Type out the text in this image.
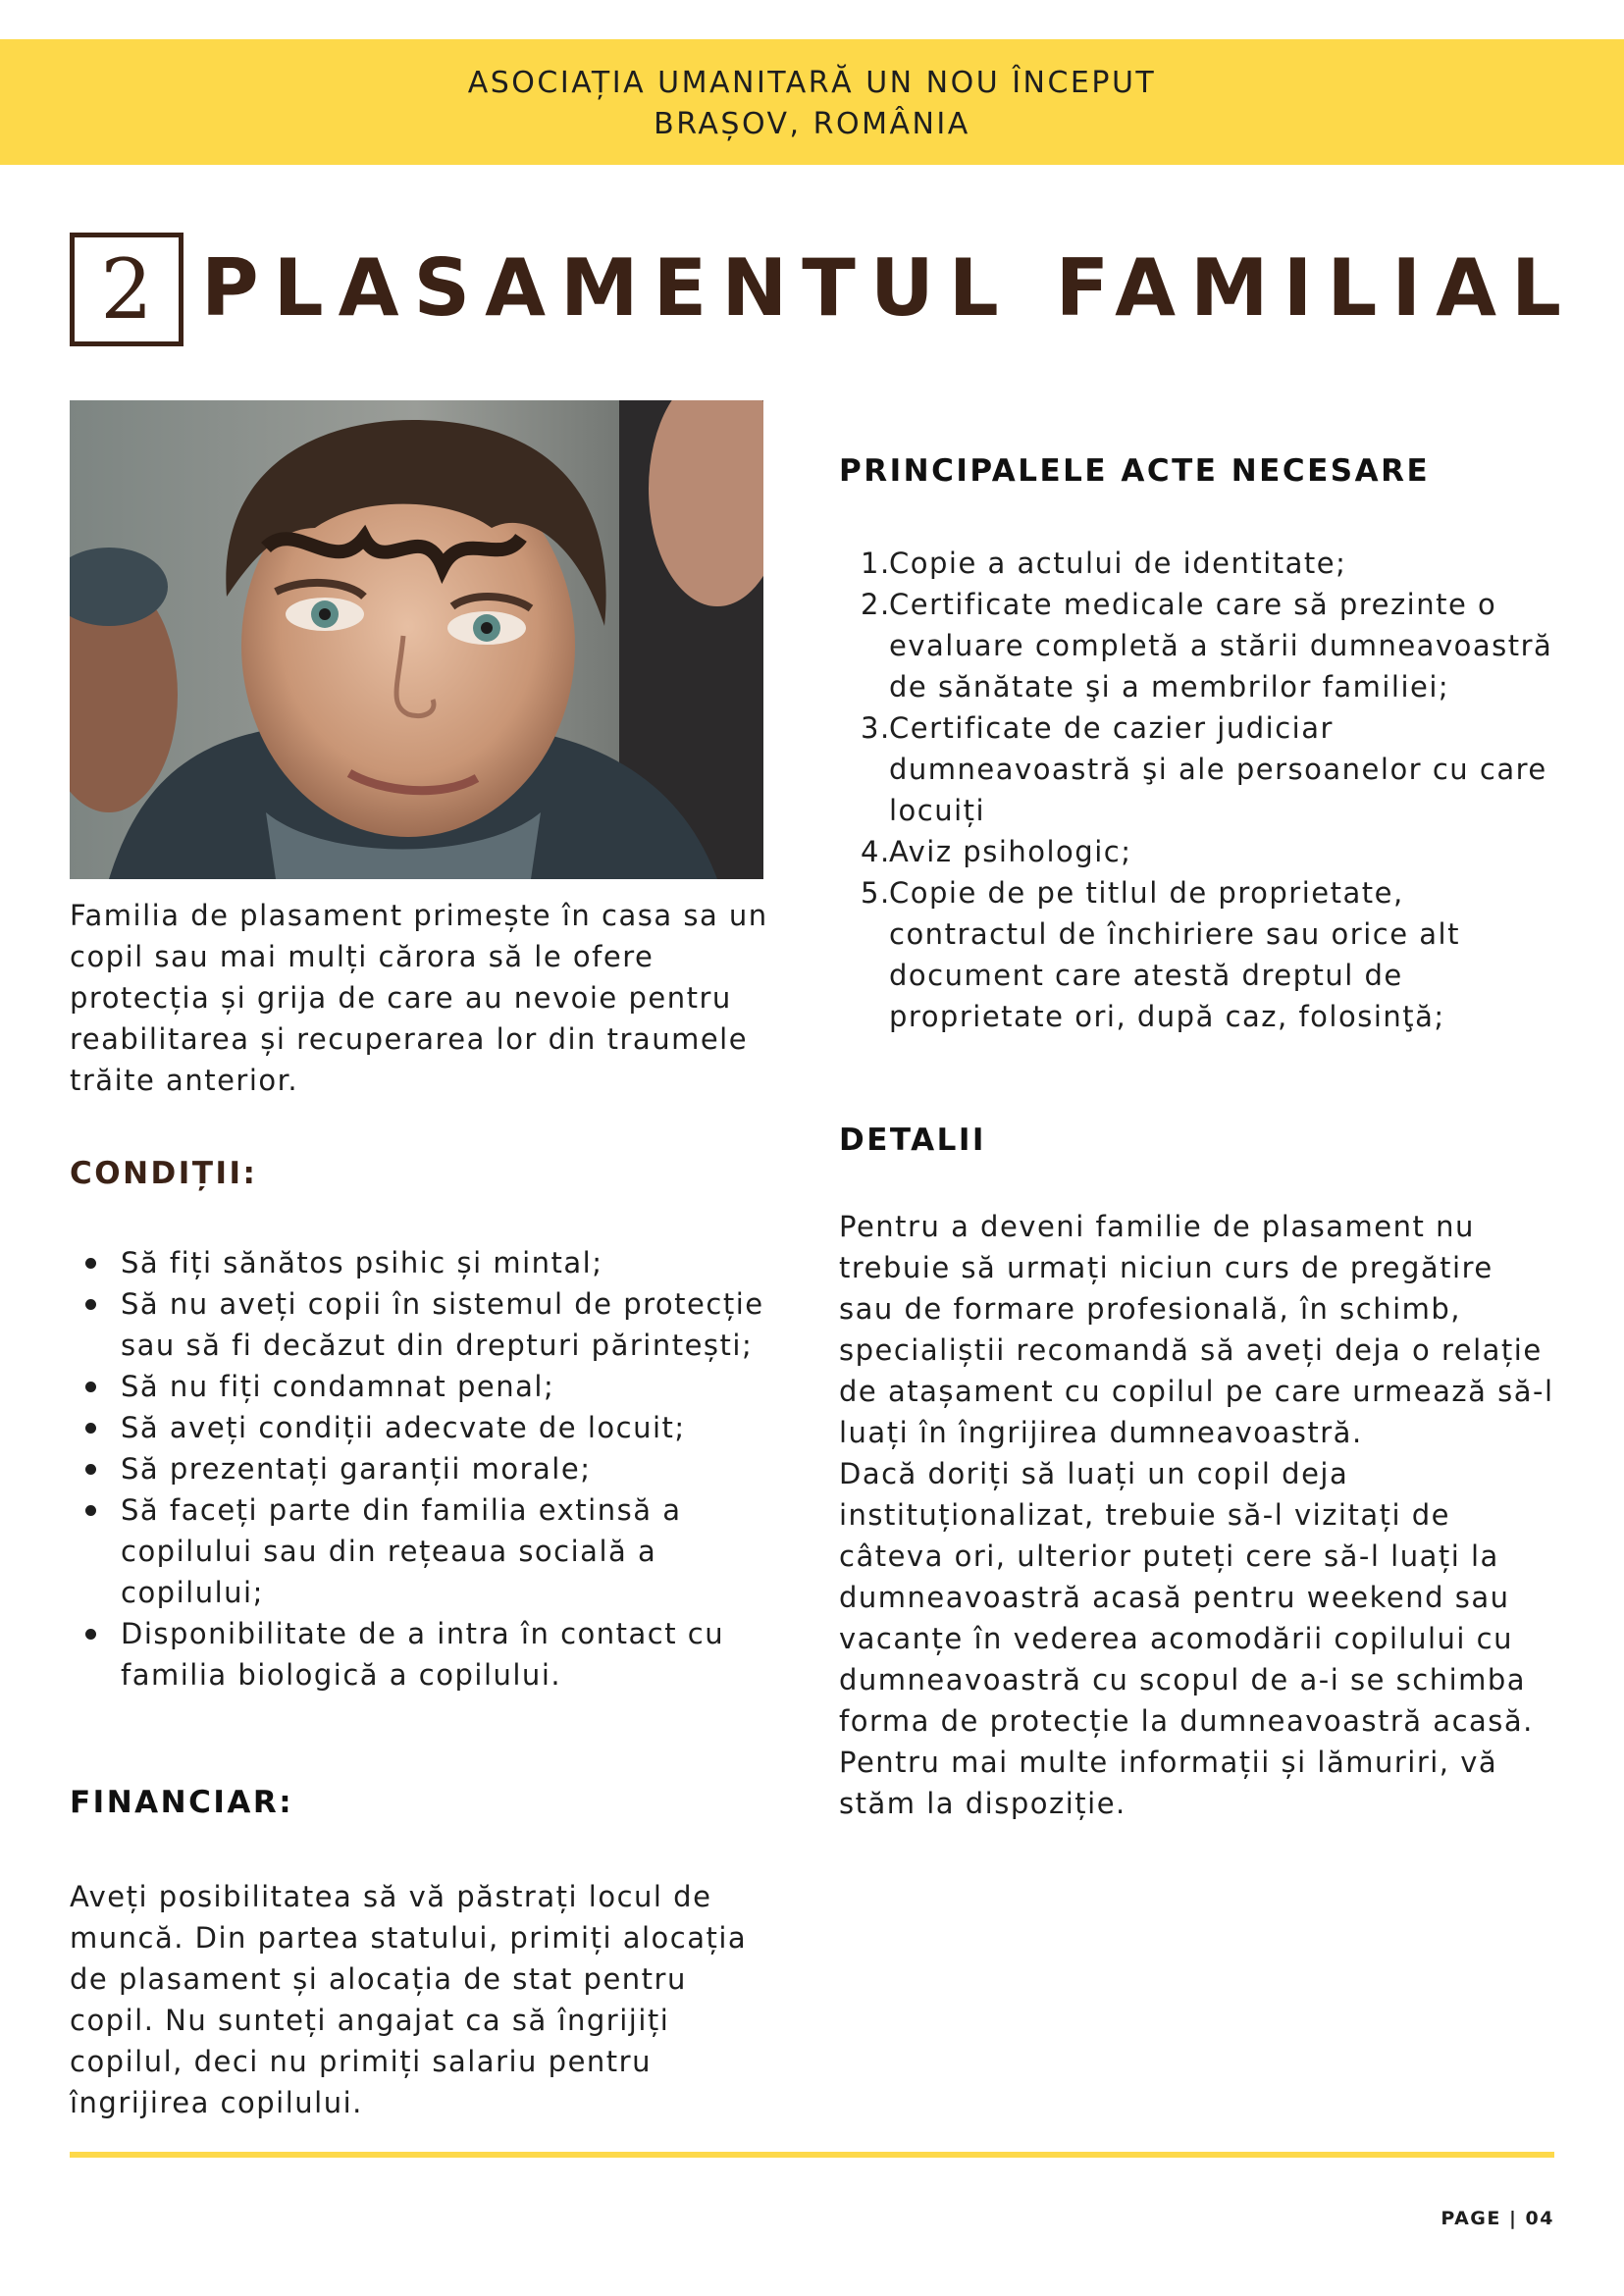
ASOCIAȚIA UMANITARĂ UN NOU ÎNCEPUT
BRAȘOV, ROMÂNIA
2 PLASAMENTUL FAMILIAL

Familia de plasament primește în casa sa un copil sau mai mulți cărora să le ofere protecția și grija de care au nevoie pentru reabilitarea și recuperarea lor din traumele trăite anterior.

CONDIȚII:
Să fiți sănătos psihic și mintal;
Să nu aveți copii în sistemul de protecție sau să fi decăzut din drepturi părintești;
Să nu fiți condamnat penal;
Să aveți condiții adecvate de locuit;
Să prezentați garanții morale;
Să faceți parte din familia extinsă a copilului sau din rețeaua socială a copilului;
Disponibilitate de a intra în contact cu familia biologică a copilului.
FINANCIAR:

Aveți posibilitatea să vă păstrați locul de muncă. Din partea statului, primiți alocația de plasament și alocația de stat pentru copil. Nu sunteți angajat ca să îngrijiți copilul, deci nu primiți salariu pentru îngrijirea copilului.

PRINCIPALELE ACTE NECESARE
1.
Copie a actului de identitate;
2.
Certificate medicale care să prezinte o evaluare completă a stării dumneavoastră de sănătate şi a membrilor familiei;
3.
Certificate de cazier judiciar dumneavoastră şi ale persoanelor cu care locuiți
4.
Aviz psihologic;
5.
Copie de pe titlul de proprietate, contractul de închiriere sau orice alt document care atestă dreptul de proprietate ori, după caz, folosinţă;
DETALII

Pentru a deveni familie de plasament nu trebuie să urmați niciun curs de pregătire sau de formare profesională, în schimb, specialiștii recomandă să aveți deja o relație de atașament cu copilul pe care urmează să-l luați în îngrijirea dumneavoastră.

Dacă doriți să luați un copil deja instituționalizat, trebuie să-l vizitați de câteva ori, ulterior puteți cere să-l luați la dumneavoastră acasă pentru weekend sau vacanțe în vederea acomodării copilului cu dumneavoastră cu scopul de a-i se schimba forma de protecție la dumneavoastră acasă.

Pentru mai multe informații și lămuriri, vă stăm la dispoziție.

PAGE | 04
